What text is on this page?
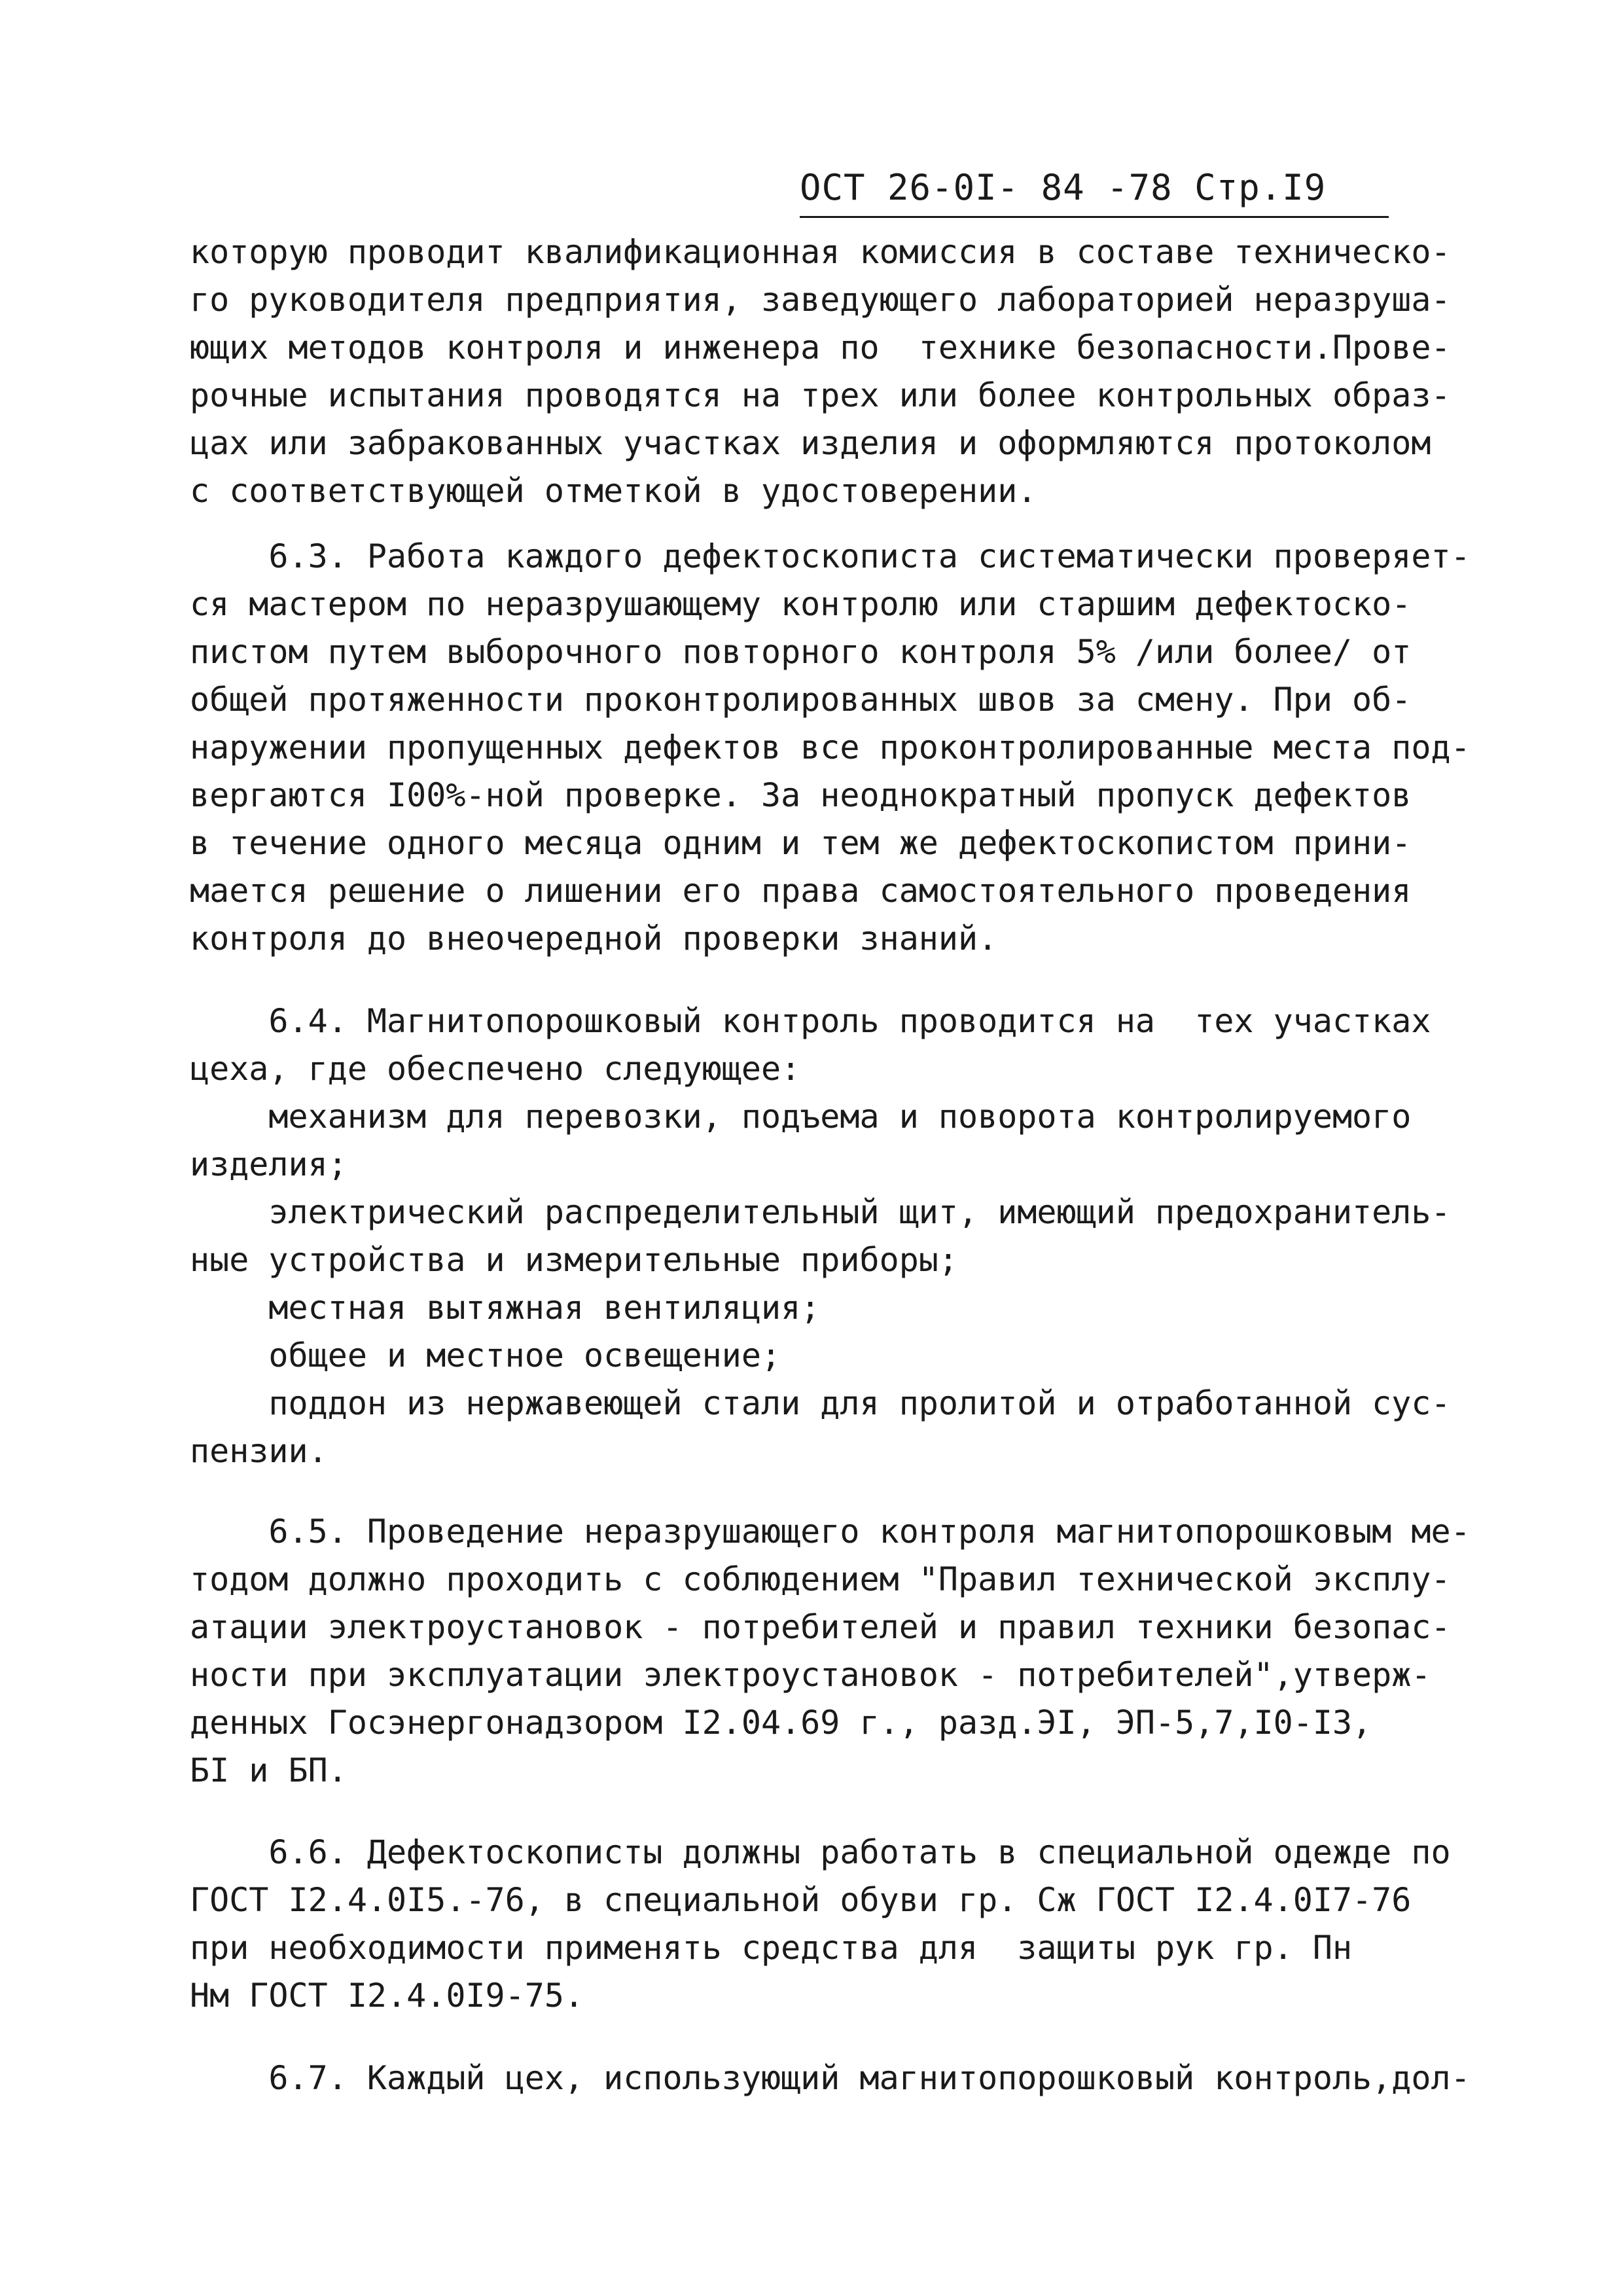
ОСТ 26-0I- 84 -78 Стр.I9
которую проводит квалификационная комиссия в составе техническо-
го руководителя предприятия, заведующего лабораторией неразруша-
ющих методов контроля и инженера по  технике безопасности.Прове-
рочные испытания проводятся на трех или более контрольных образ-
цах или забракованных участках изделия и оформляются протоколом
с соответствующей отметкой в удостоверении.
6.3. Работа каждого дефектоскописта систематически проверяет-
ся мастером по неразрушающему контролю или старшим дефектоско-
пистом путем выборочного повторного контроля 5% /или более/ от
общей протяженности проконтролированных швов за смену. При об-
наружении пропущенных дефектов все проконтролированные места под-
вергаются I00%-ной проверке. За неоднократный пропуск дефектов
в течение одного месяца одним и тем же дефектоскопистом прини-
мается решение о лишении его права самостоятельного проведения
контроля до внеочередной проверки знаний.
6.4. Магнитопорошковый контроль проводится на  тех участках
цеха, где обеспечено следующее:
механизм для перевозки, подъема и поворота контролируемого
изделия;
электрический распределительный щит, имеющий предохранитель-
ные устройства и измерительные приборы;
местная вытяжная вентиляция;
общее и местное освещение;
поддон из нержавеющей стали для пролитой и отработанной сус-
пензии.
6.5. Проведение неразрушающего контроля магнитопорошковым ме-
тодом должно проходить с соблюдением "Правил технической эксплу-
атации электроустановок - потребителей и правил техники безопас-
ности при эксплуатации электроустановок - потребителей",утверж-
денных Госэнергонадзором I2.04.69 г., разд.ЭI, ЭП-5,7,I0-I3,
БI и БП.
6.6. Дефектоскописты должны работать в специальной одежде по
ГОСТ I2.4.0I5.-76, в специальной обуви гр. Сж ГОСТ I2.4.0I7-76
при необходимости применять средства для  защиты рук гр. Пн
Нм ГОСТ I2.4.0I9-75.
6.7. Каждый цех, использующий магнитопорошковый контроль,дол-
